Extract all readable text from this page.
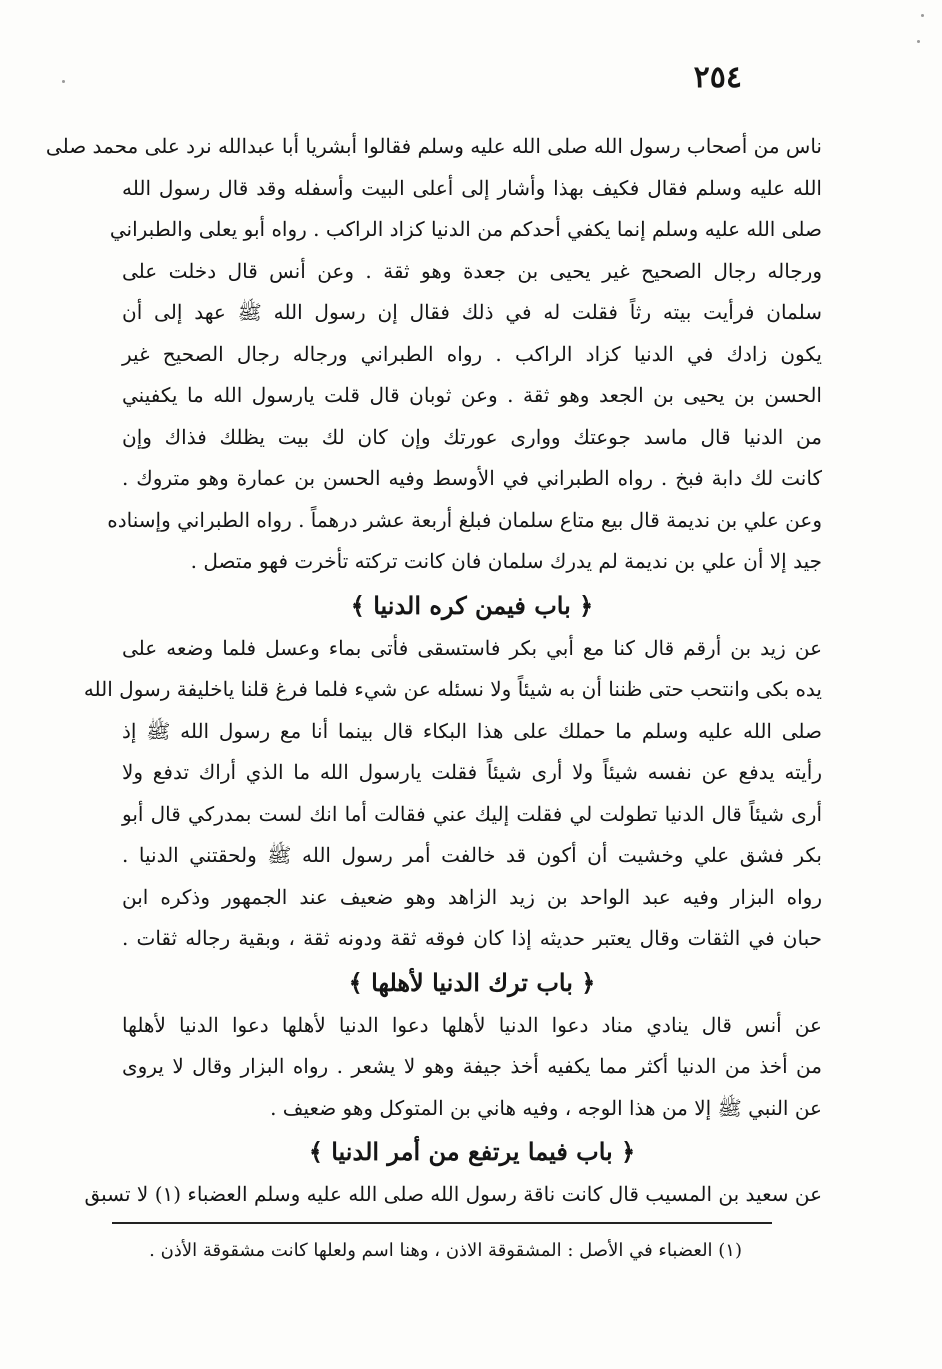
٢٥٤
ناس من أصحاب رسول الله صلى الله عليه وسلم فقالوا أبشريا أبا عبدالله نرد على محمد صلى
الله عليه وسلم فقال فكيف بهذا وأشار إلى أعلى البيت وأسفله وقد قال رسول الله
صلى الله عليه وسلم إنما يكفي أحدكم من الدنيا كزاد الراكب . رواه أبو يعلى والطبراني
ورجاله رجال الصحيح غير يحيى بن جعدة وهو ثقة . وعن أنس قال دخلت على
سلمان فرأيت بيته رثاً فقلت له في ذلك فقال إن رسول الله ﷺ عهد إلى أن
يكون زادك في الدنيا كزاد الراكب . رواه الطبراني ورجاله رجال الصحيح غير
الحسن بن يحيى بن الجعد وهو ثقة . وعن ثوبان قال قلت يارسول الله ما يكفيني
من الدنيا قال ماسد جوعتك ووارى عورتك وإن كان لك بيت يظلك فذاك وإن
كانت لك دابة فبخ . رواه الطبراني في الأوسط وفيه الحسن بن عمارة وهو متروك .
وعن علي بن نديمة قال بيع متاع سلمان فبلغ أربعة عشر درهماً . رواه الطبراني وإسناده
جيد إلا أن علي بن نديمة لم يدرك سلمان فان كانت تركته تأخرت فهو متصل .
﴿ باب فيمن كره الدنيا ﴾
عن زيد بن أرقم قال كنا مع أبي بكر فاستسقى فأتى بماء وعسل فلما وضعه على
يده بكى وانتحب حتى ظننا أن به شيئاً ولا نسئله عن شيء فلما فرغ قلنا ياخليفة رسول الله
صلى الله عليه وسلم ما حملك على هذا البكاء قال بينما أنا مع رسول الله ﷺ إذ
رأيته يدفع عن نفسه شيئاً ولا أرى شيئاً فقلت يارسول الله ما الذي أراك تدفع ولا
أرى شيئاً قال الدنيا تطولت لي فقلت إليك عني فقالت أما انك لست بمدركي قال أبو
بكر فشق علي وخشيت أن أكون قد خالفت أمر رسول الله ﷺ ولحقتني الدنيا .
رواه البزار وفيه عبد الواحد بن زيد الزاهد وهو ضعيف عند الجمهور وذكره ابن
حبان في الثقات وقال يعتبر حديثه إذا كان فوقه ثقة ودونه ثقة ، وبقية رجاله ثقات .
﴿ باب ترك الدنيا لأهلها ﴾
عن أنس قال ينادي مناد دعوا الدنيا لأهلها دعوا الدنيا لأهلها دعوا الدنيا لأهلها
من أخذ من الدنيا أكثر مما يكفيه أخذ جيفة وهو لا يشعر . رواه البزار وقال لا يروى
عن النبي ﷺ إلا من هذا الوجه ، وفيه هاني بن المتوكل وهو ضعيف .
﴿ باب فيما يرتفع من أمر الدنيا ﴾
عن سعيد بن المسيب قال كانت ناقة رسول الله صلى الله عليه وسلم العضباء (١) لا تسبق
(١) العضباء في الأصل : المشقوقة الاذن ، وهنا اسم ولعلها كانت مشقوقة الأذن .
